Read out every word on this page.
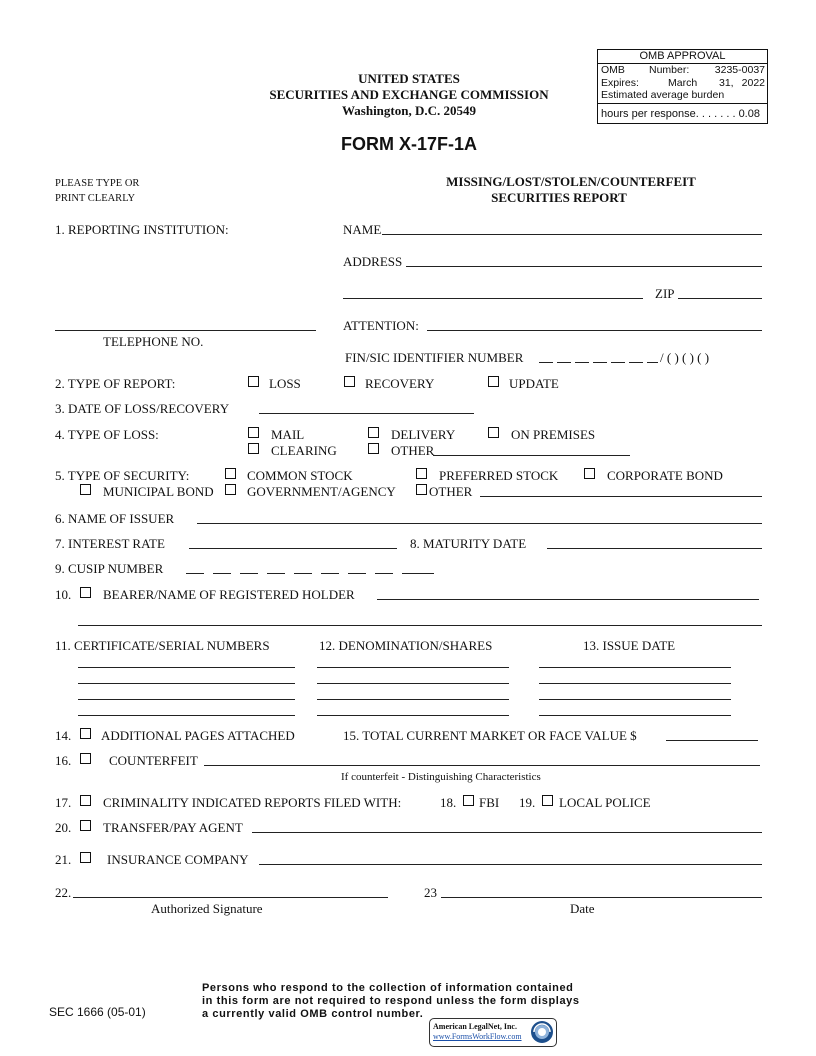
OMB APPROVAL
OMB Number: 3235-0037
Expires:	March 31, 2022
Estimated average burden
hours per response. . . . . . . 0.08
UNITED STATES
SECURITIES AND EXCHANGE COMMISSION
Washington, D.C. 20549
FORM X-17F-1A
PLEASE TYPE OR
PRINT CLEARLY
MISSING/LOST/STOLEN/COUNTERFEIT
SECURITIES REPORT
1. REPORTING INSTITUTION:	NAME
ADDRESS
ZIP
ATTENTION:
TELEPHONE NO.
FIN/SIC IDENTIFIER NUMBER	/ ( ) ( ) ( )
2. TYPE OF REPORT:	LOSS	RECOVERY	UPDATE
3. DATE OF LOSS/RECOVERY
4. TYPE OF LOSS:	MAIL	DELIVERY	ON PREMISES
CLEARING	OTHER
5. TYPE OF SECURITY:	COMMON STOCK	PREFERRED STOCK	CORPORATE BOND
MUNICIPAL BOND	GOVERNMENT/AGENCY	OTHER
6. NAME OF ISSUER
7. INTEREST RATE	8. MATURITY DATE
9. CUSIP NUMBER
10. BEARER/NAME OF REGISTERED HOLDER
11. CERTIFICATE/SERIAL NUMBERS	12. DENOMINATION/SHARES	13. ISSUE DATE
14. ADDITIONAL PAGES ATTACHED	15. TOTAL CURRENT MARKET OR FACE VALUE $
16.	COUNTERFEIT
If counterfeit - Distinguishing Characteristics
17. CRIMINALITY INDICATED REPORTS FILED WITH:	18. FBI 19. LOCAL POLICE
20. TRANSFER/PAY AGENT
21.	INSURANCE COMPANY
22.
Authorized Signature
23
Date
SEC 1666 (05-01)
Persons who respond to the collection of information contained
in this form are not required to respond unless the form displays
a currently valid OMB control number.
American LegalNet, Inc.
www.FormsWorkFlow.com
